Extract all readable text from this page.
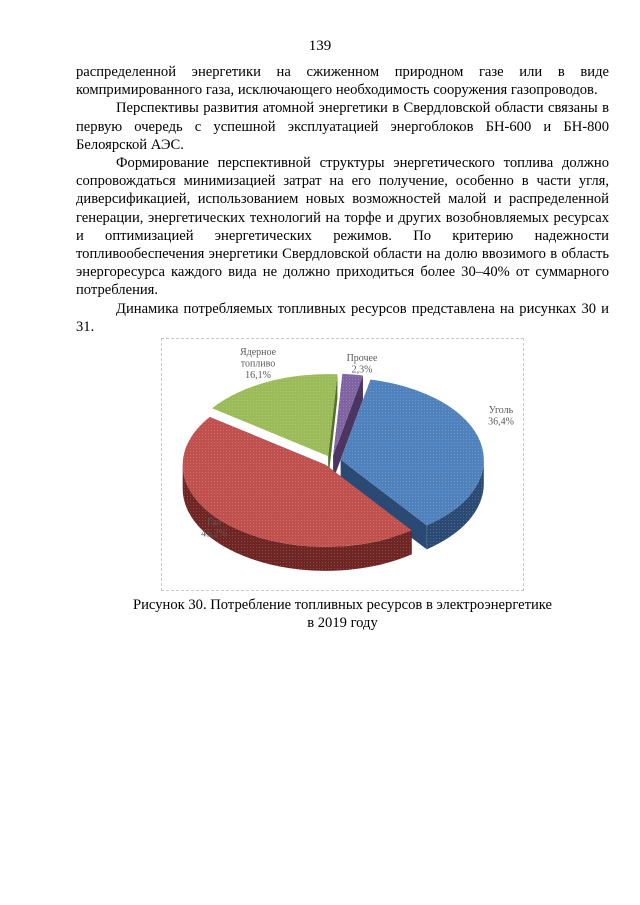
139

распределенной энергетики на сжиженном природном газе или в виде компримированного газа, исключающего необходимость сооружения газопроводов.

Перспективы развития атомной энергетики в Свердловской области связаны в первую очередь с успешной эксплуатацией энергоблоков БН-600 и БН-800 Белоярской АЭС.

Формирование перспективной структуры энергетического топлива должно сопровождаться минимизацией затрат на его получение, особенно в части угля, диверсификацией, использованием новых возможностей малой и распределенной генерации, энергетических технологий на торфе и других возобновляемых ресурсах и оптимизацией энергетических режимов. По критерию надежности топливообеспечения энергетики Свердловской области на долю ввозимого в область энергоресурса каждого вида не должно приходиться более 30–40% от суммарного потребления.

Динамика потребляемых топливных ресурсов представлена на рисунках 30 и 31.

Уголь 36,4%
Газ 45,2%
Ядерное топливо 16,1%
Прочее 2,3%
Рисунок 30. Потребление топливных ресурсов в электроэнергетике
в 2019 году
